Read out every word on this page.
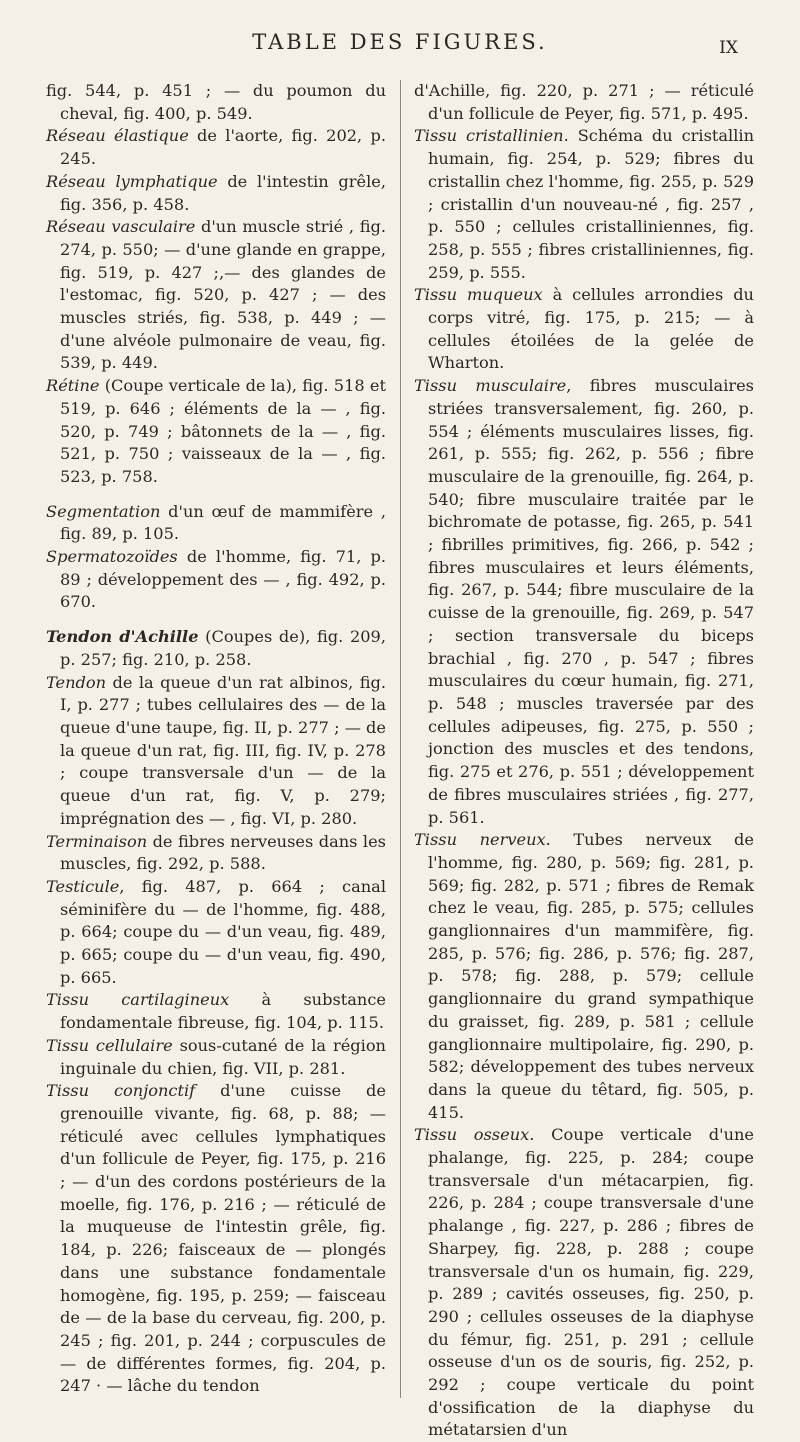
TABLE DES FIGURES.	IX

fig. 544, p. 451 ; — du poumon du cheval, fig. 400, p. 549.

Réseau élastique de l'aorte, fig. 202, p. 245.

Réseau lymphatique de l'intestin grêle, fig. 356, p. 458.

Réseau vasculaire d'un muscle strié , fig. 274, p. 550; — d'une glande en grappe, fig. 519, p. 427 ;‚— des glandes de l'estomac, fig. 520, p. 427 ; — des muscles striés, fig. 538, p. 449 ; — d'une alvéole pulmonaire de veau, fig. 539, p. 449.

Rétine (Coupe verticale de la), fig. 518 et 519, p. 646 ; éléments de la — , fig. 520, p. 749 ; bâtonnets de la — , fig. 521, p. 750 ; vaisseaux de la — , fig. 523, p. 758.

Segmentation d'un œuf de mammifère , fig. 89, p. 105.

Spermatozoïdes de l'homme, fig. 71, p. 89 ; développement des — , fig. 492, p. 670.

Tendon d'Achille (Coupes de), fig. 209, p. 257; fig. 210, p. 258.

Tendon de la queue d'un rat albinos, fig. I, p. 277 ; tubes cellulaires des — de la queue d'une taupe, fig. II, p. 277 ; — de la queue d'un rat, fig. III, fig. IV, p. 278 ; coupe transversale d'un — de la queue d'un rat, fig. V, p. 279; imprégnation des — , fig. VI, p. 280.

Terminaison de fibres nerveuses dans les muscles, fig. 292, p. 588.

Testicule, fig. 487, p. 664 ; canal séminifère du — de l'homme, fig. 488, p. 664; coupe du — d'un veau, fig. 489, p. 665; coupe du — d'un veau, fig. 490, p. 665.

Tissu cartilagineux à substance fondamentale fibreuse, fig. 104, p. 115.

Tissu cellulaire sous-cutané de la région inguinale du chien, fig. VII, p. 281.

Tissu conjonctif d'une cuisse de grenouille vivante, fig. 68, p. 88; — réticulé avec cellules lymphatiques d'un follicule de Peyer, fig. 175, p. 216 ; — d'un des cordons postérieurs de la moelle, fig. 176, p. 216 ; — réticulé de la muqueuse de l'intestin grêle, fig. 184, p. 226; faisceaux de — plongés dans une substance fondamentale homogène, fig. 195, p. 259; — faisceau de — de la base du cerveau, fig. 200, p. 245 ; fig. 201, p. 244 ; corpuscules de — de différentes formes, fig. 204, p. 247 · — lâche du tendon

d'Achille, fig. 220, p. 271 ; — réticulé d'un follicule de Peyer, fig. 571, p. 495.

Tissu cristallinien. Schéma du cristallin humain, fig. 254, p. 529; fibres du cristallin chez l'homme, fig. 255, p. 529 ; cristallin d'un nouveau-né , fig. 257 , p. 550 ; cellules cristalliniennes, fig. 258, p. 555 ; fibres cristalliniennes, fig. 259, p. 555.

Tissu muqueux à cellules arrondies du corps vitré, fig. 175, p. 215; — à cellules étoilées de la gelée de Wharton.

Tissu musculaire, fibres musculaires striées transversalement, fig. 260, p. 554 ; éléments musculaires lisses, fig. 261, p. 555; fig. 262, p. 556 ; fibre musculaire de la grenouille, fig. 264, p. 540; fibre musculaire traitée par le bichromate de potasse, fig. 265, p. 541 ; fibrilles primitives, fig. 266, p. 542 ; fibres musculaires et leurs éléments, fig. 267, p. 544; fibre musculaire de la cuisse de la grenouille, fig. 269, p. 547 ; section transversale du biceps brachial , fig. 270 , p. 547 ; fibres musculaires du cœur humain, fig. 271, p. 548 ; muscles traversée par des cellules adipeuses, fig. 275, p. 550 ; jonction des muscles et des tendons, fig. 275 et 276, p. 551 ; développement de fibres musculaires striées , fig. 277, p. 561.

Tissu nerveux. Tubes nerveux de l'homme, fig. 280, p. 569; fig. 281, p. 569; fig. 282, p. 571 ; fibres de Remak chez le veau, fig. 285, p. 575; cellules ganglionnaires d'un mammifère, fig. 285, p. 576; fig. 286, p. 576; fig. 287, p. 578; fig. 288, p. 579; cellule ganglionnaire du grand sympathique du graisset, fig. 289, p. 581 ; cellule ganglionnaire multipolaire, fig. 290, p. 582; développement des tubes nerveux dans la queue du têtard, fig. 505, p. 415.

Tissu osseux. Coupe verticale d'une phalange, fig. 225, p. 284; coupe transversale d'un métacarpien, fig. 226, p. 284 ; coupe transversale d'une phalange , fig. 227, p. 286 ; fibres de Sharpey, fig. 228, p. 288 ; coupe transversale d'un os humain, fig. 229, p. 289 ; cavités osseuses, fig. 250, p. 290 ; cellules osseuses de la diaphyse du fémur, fig. 251, p. 291 ; cellule osseuse d'un os de souris, fig. 252, p. 292 ; coupe verticale du point d'ossification de la diaphyse du métatarsien d'un
